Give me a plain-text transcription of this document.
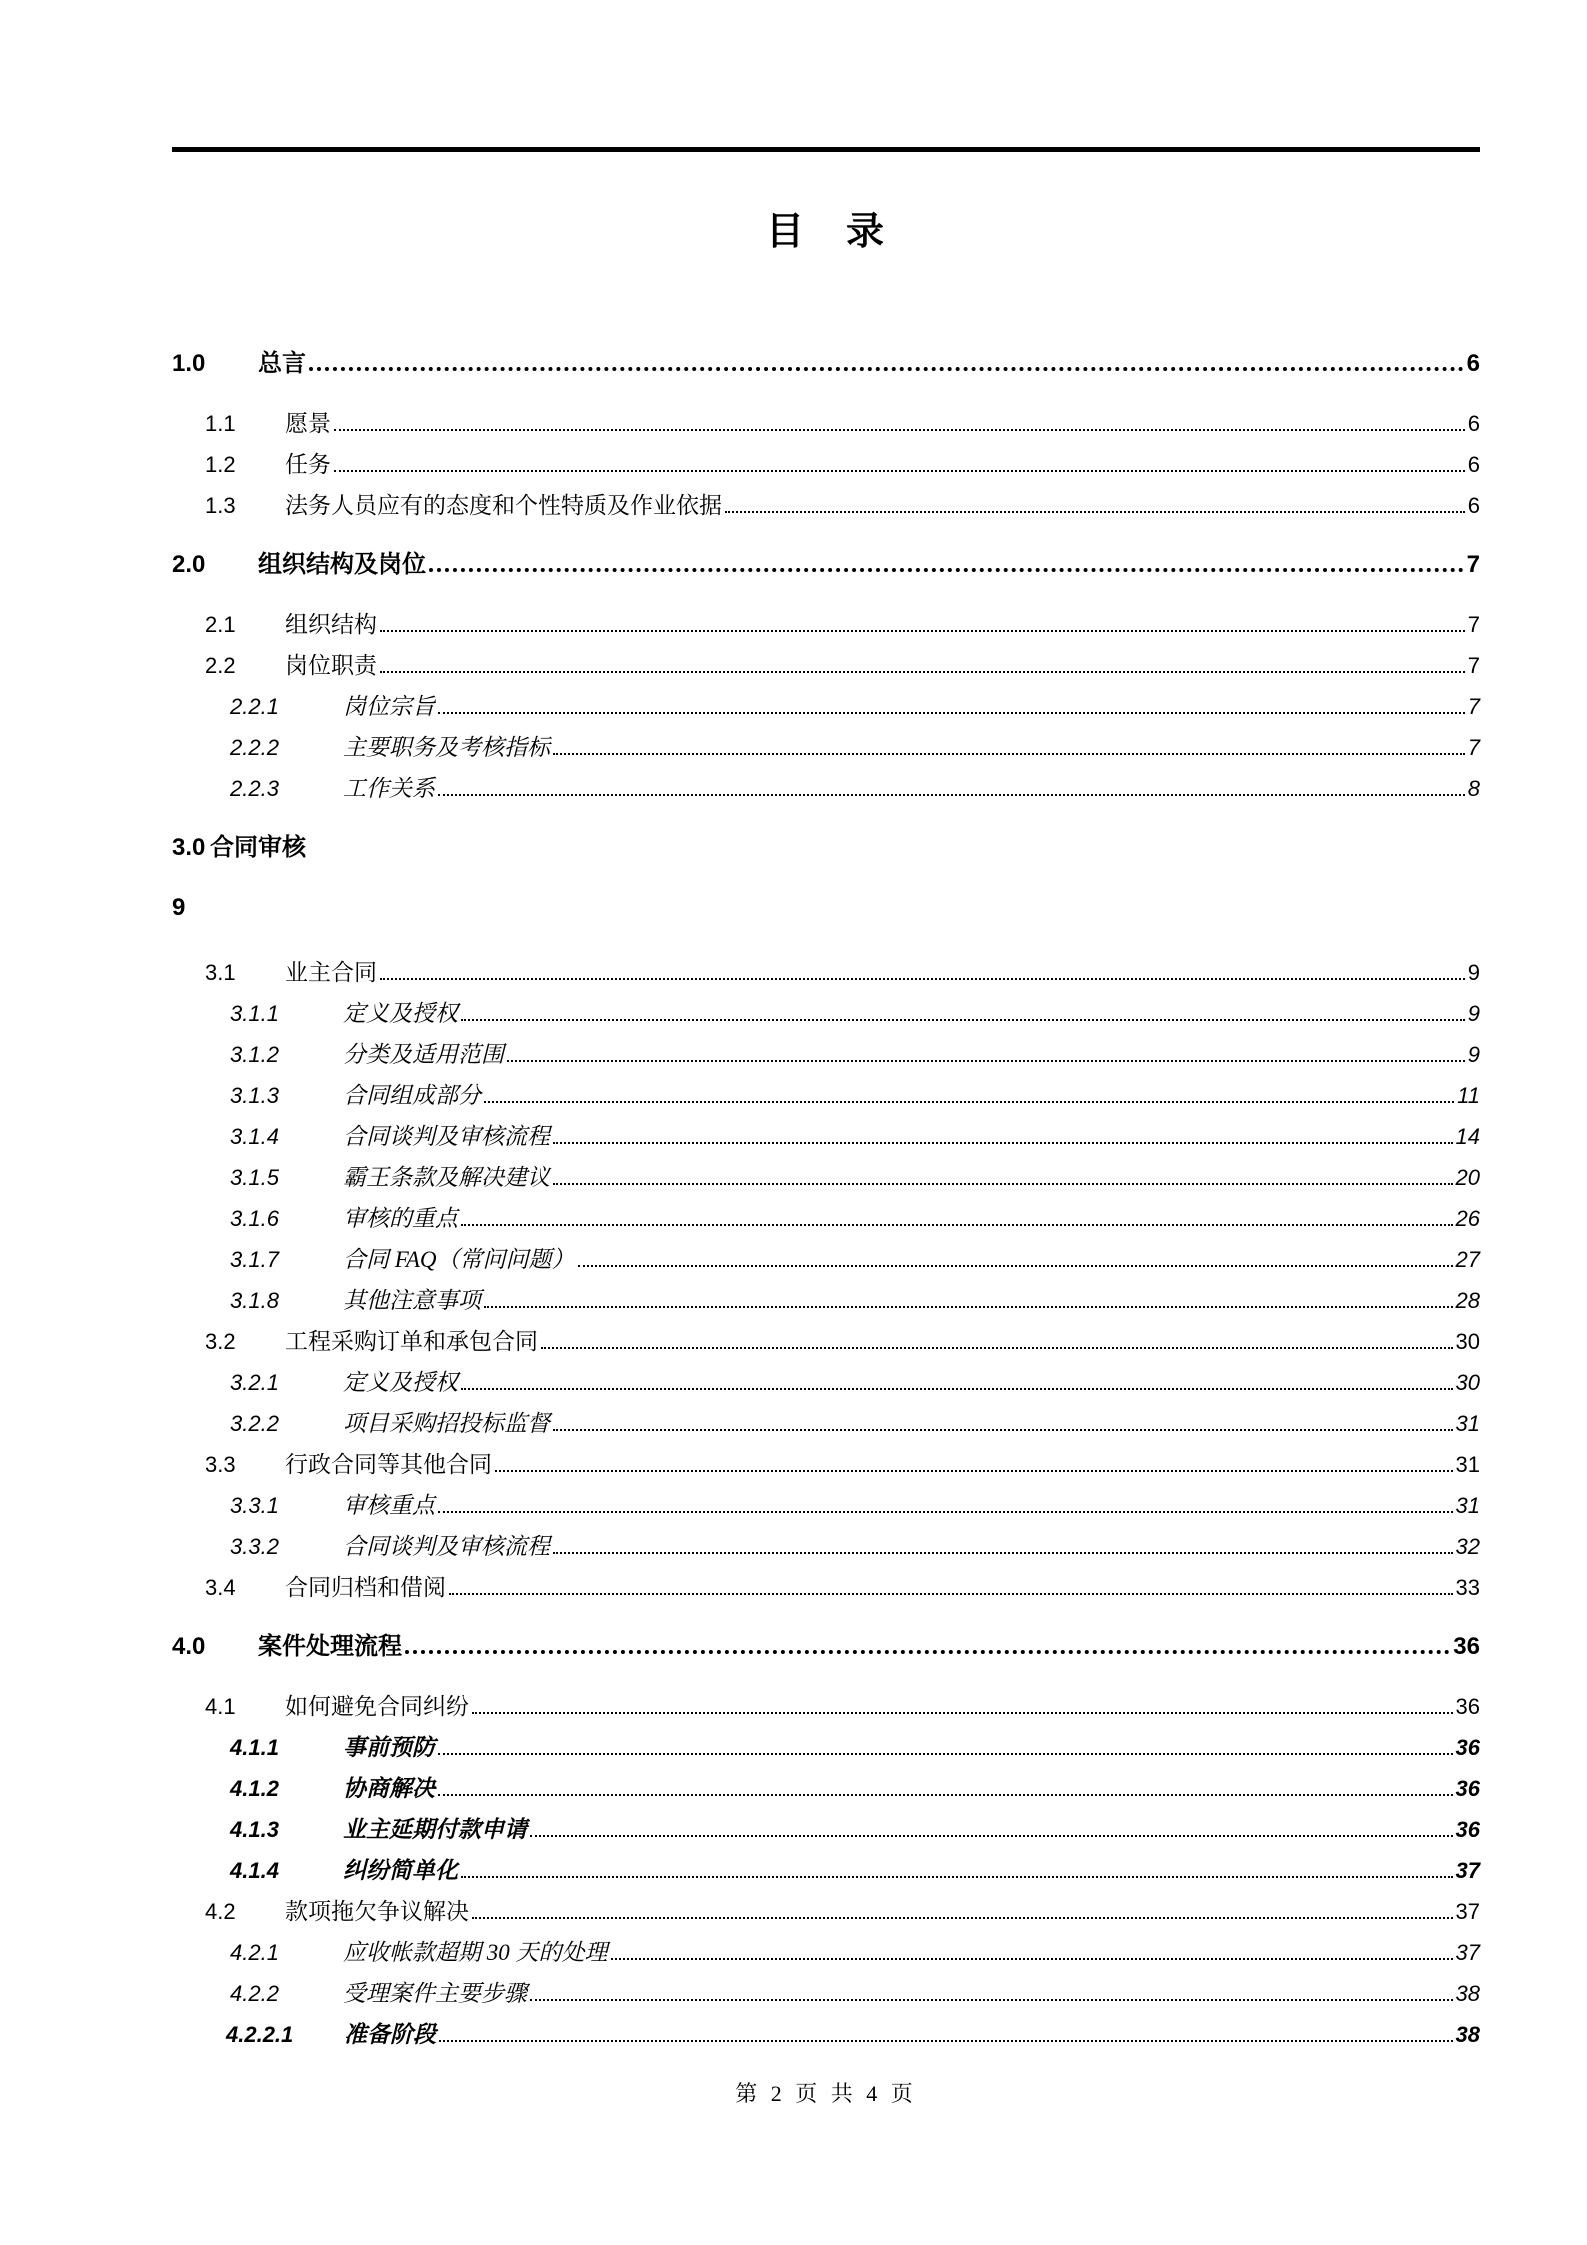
目　录
1.0	总言	6
1.1	愿景	6
1.2	任务	6
1.3	法务人员应有的态度和个性特质及作业依据	6
2.0	组织结构及岗位	7
2.1	组织结构	7
2.2	岗位职责	7
2.2.1	岗位宗旨	7
2.2.2	主要职务及考核指标	7
2.2.3	工作关系	8
3.0 合同审核
9
3.1	业主合同	9
3.1.1	定义及授权	9
3.1.2	分类及适用范围	9
3.1.3	合同组成部分	11
3.1.4	合同谈判及审核流程	14
3.1.5	霸王条款及解决建议	20
3.1.6	审核的重点	26
3.1.7	合同 FAQ（常问问题）	27
3.1.8	其他注意事项	28
3.2	工程采购订单和承包合同	30
3.2.1	定义及授权	30
3.2.2	项目采购招投标监督	31
3.3	行政合同等其他合同	31
3.3.1	审核重点	31
3.3.2	合同谈判及审核流程	32
3.4	合同归档和借阅	33
4.0	案件处理流程	36
4.1	如何避免合同纠纷	36
4.1.1	事前预防	36
4.1.2	协商解决	36
4.1.3	业主延期付款申请	36
4.1.4	纠纷简单化	37
4.2	款项拖欠争议解决	37
4.2.1	应收帐款超期 30 天的处理	37
4.2.2	受理案件主要步骤	38
4.2.2.1	准备阶段	38
第 2 页 共 4 页
